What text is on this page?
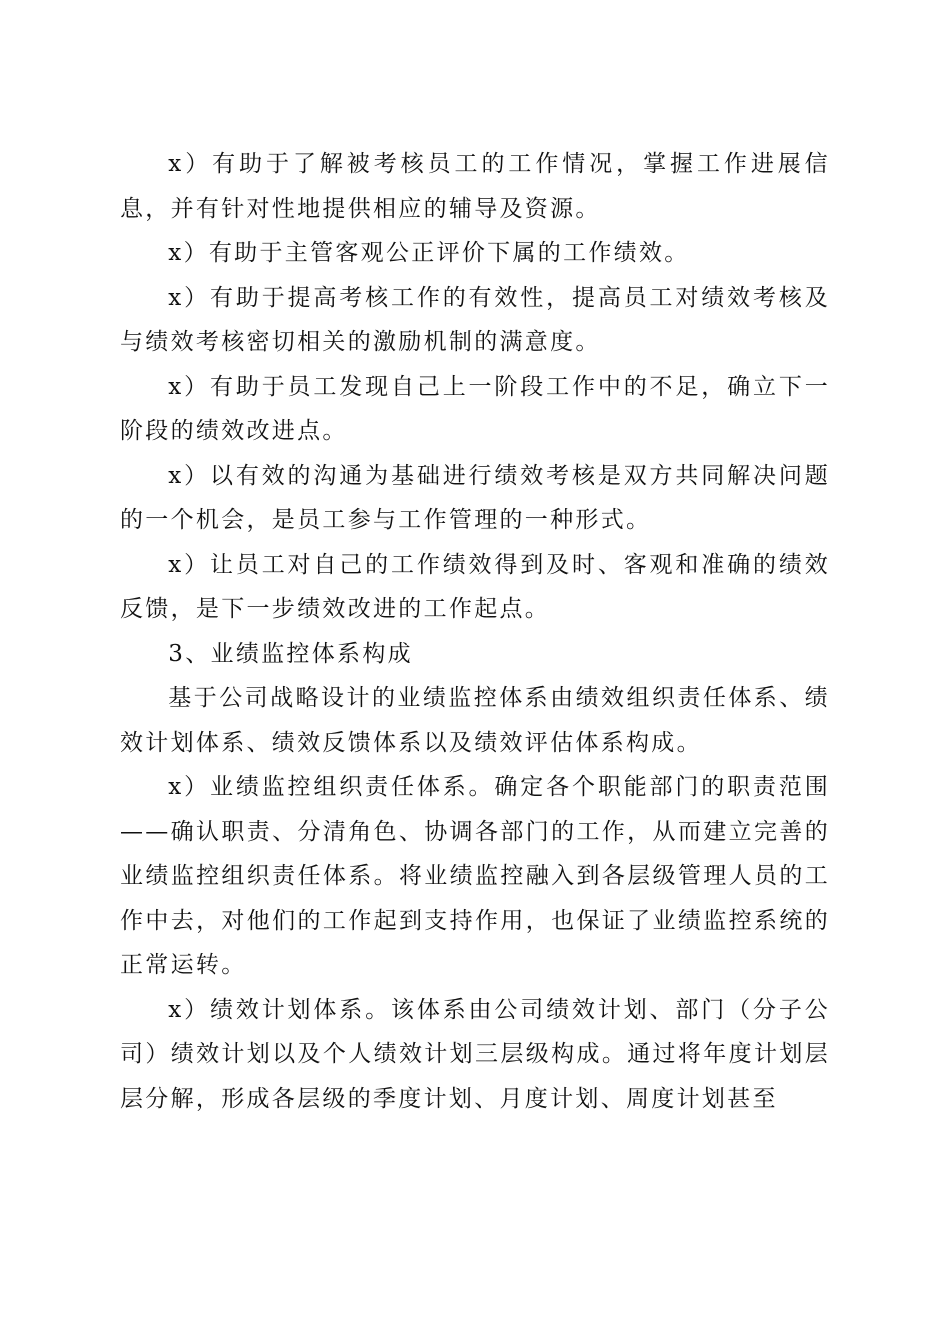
x）有助于了解被考核员工的工作情况，掌握工作进展信息，并有针对性地提供相应的辅导及资源。

x）有助于主管客观公正评价下属的工作绩效。

x）有助于提高考核工作的有效性，提高员工对绩效考核及与绩效考核密切相关的激励机制的满意度。

x）有助于员工发现自己上一阶段工作中的不足，确立下一阶段的绩效改进点。

x）以有效的沟通为基础进行绩效考核是双方共同解决问题的一个机会，是员工参与工作管理的一种形式。

x）让员工对自己的工作绩效得到及时、客观和准确的绩效反馈，是下一步绩效改进的工作起点。

3、业绩监控体系构成

基于公司战略设计的业绩监控体系由绩效组织责任体系、绩效计划体系、绩效反馈体系以及绩效评估体系构成。

x）业绩监控组织责任体系。确定各个职能部门的职责范围——确认职责、分清角色、协调各部门的工作，从而建立完善的业绩监控组织责任体系。将业绩监控融入到各层级管理人员的工作中去，对他们的工作起到支持作用，也保证了业绩监控系统的正常运转。

x）绩效计划体系。该体系由公司绩效计划、部门（分子公司）绩效计划以及个人绩效计划三层级构成。通过将年度计划层层分解，形成各层级的季度计划、月度计划、周度计划甚至
